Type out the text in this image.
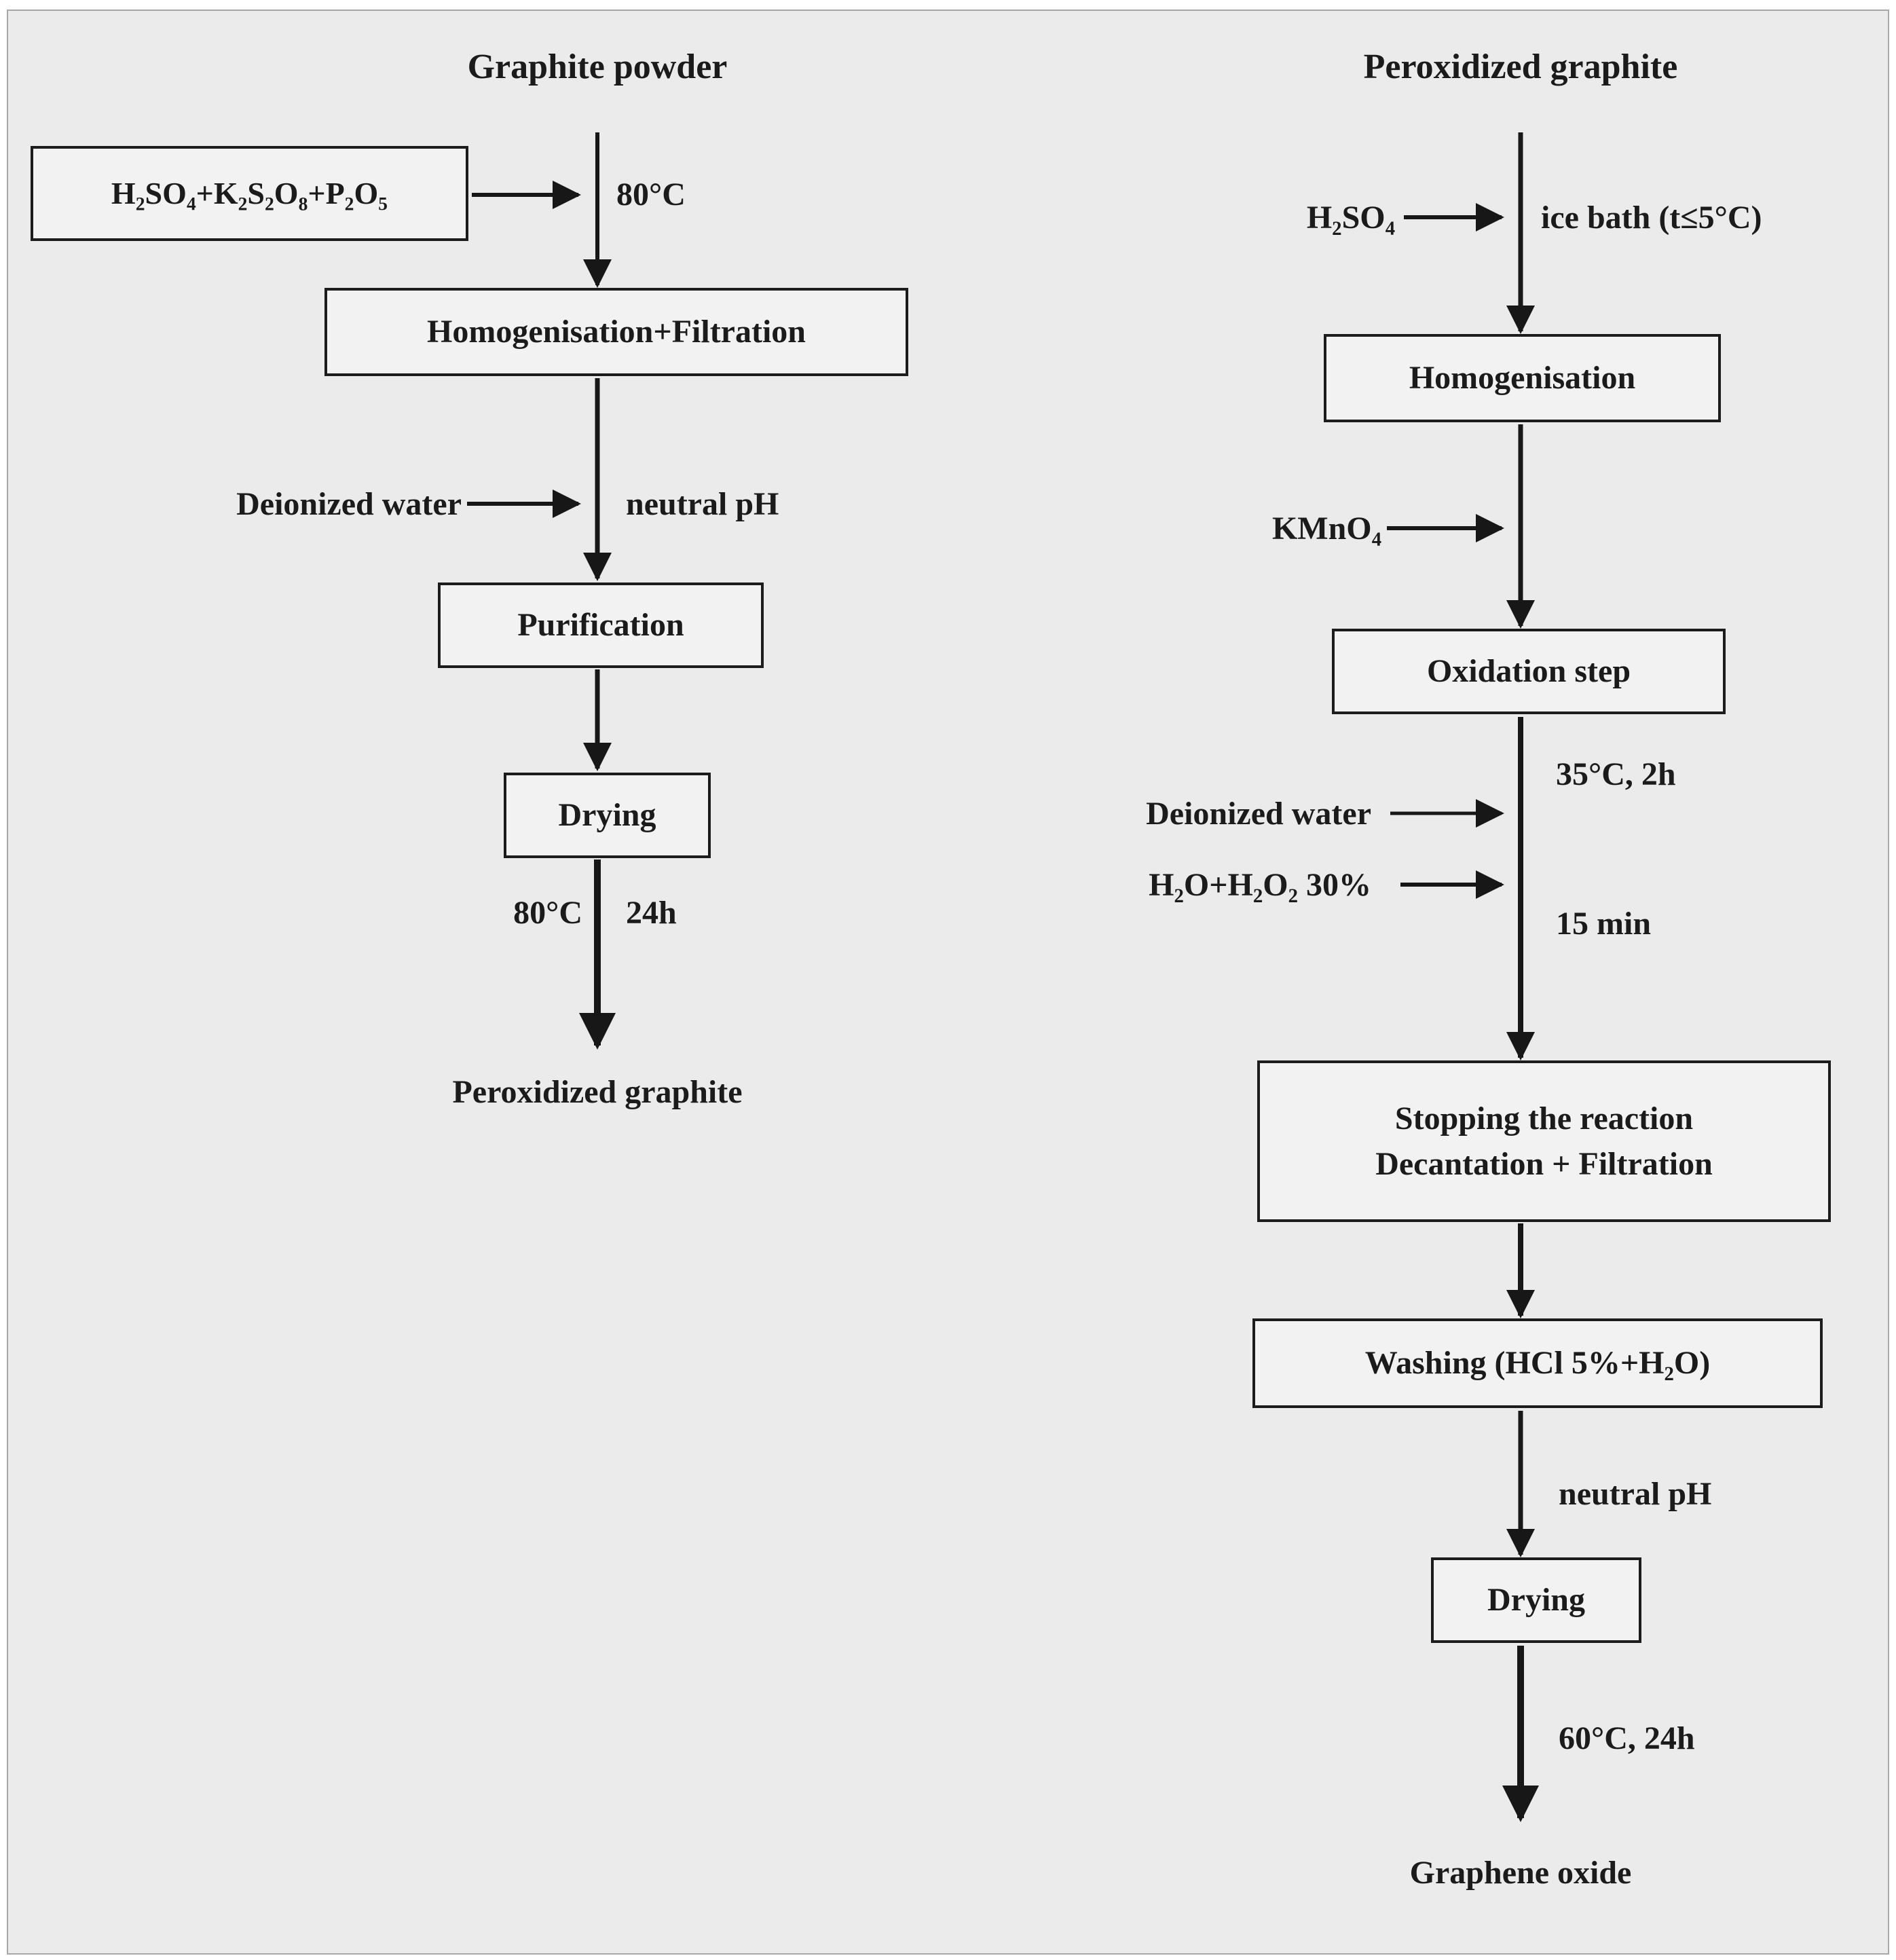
Graphite powder
H₂SO₄+K₂S₂O₈+P₂O₅	80°C
Homogenisation+Filtration
Deionized water	neutral pH
Purification
Drying
80°C 24h
Peroxidized graphite
Peroxidized graphite
H₂SO₄	ice bath (t≤5°C)
Homogenisation
KMnO₄
Oxidation step
35°C, 2h
Deionized water
H₂O+H₂O₂ 30%
15 min
Stopping the reaction
Decantation + Filtration
Washing (HCl 5%+H₂O)
neutral pH
Drying
60°C, 24h
Graphene oxide
